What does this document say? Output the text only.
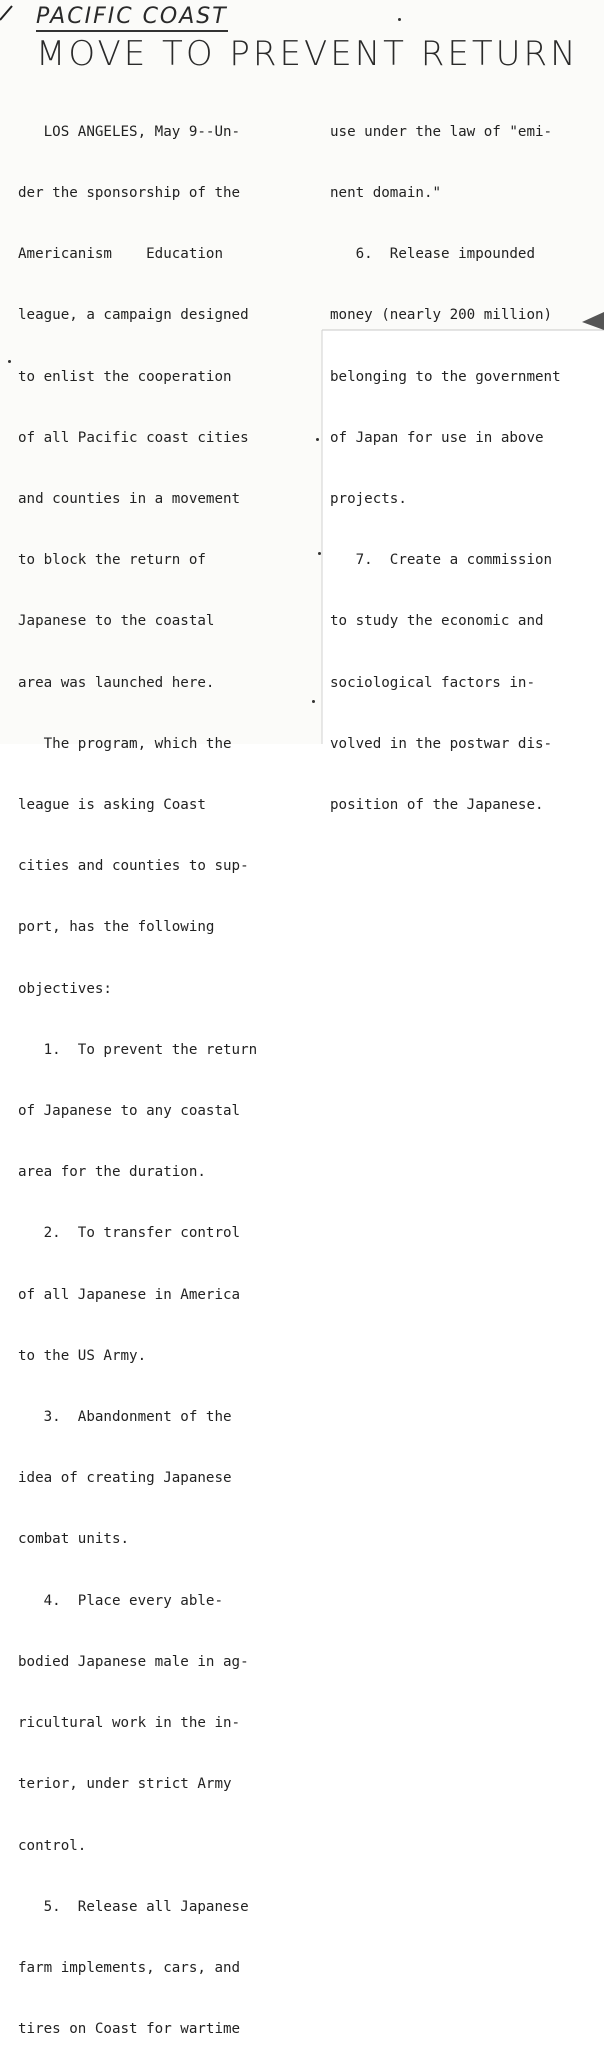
PACIFIC COAST
MOVE TO PREVENT RETURN

LOS ANGELES, May 9--Un-

der the sponsorship of the

Americanism    Education

league, a campaign designed

to enlist the cooperation

of all Pacific coast cities

and counties in a movement

to block the return of

Japanese to the coastal

area was launched here.

The program, which the

league is asking Coast

cities and counties to sup-

port, has the following

objectives:

1.  To prevent the return

of Japanese to any coastal

area for the duration.

2.  To transfer control

of all Japanese in America

to the US Army.

3.  Abandonment of the

idea of creating Japanese

combat units.

4.  Place every able-

bodied Japanese male in ag-

ricultural work in the in-

terior, under strict Army

control.

5.  Release all Japanese

farm implements, cars, and

tires on Coast for wartime

use under the law of "emi-

nent domain."

6.  Release impounded

money (nearly 200 million)

belonging to the government

of Japan for use in above

projects.

7.  Create a commission

to study the economic and

sociological factors in-

volved in the postwar dis-

position of the Japanese.
